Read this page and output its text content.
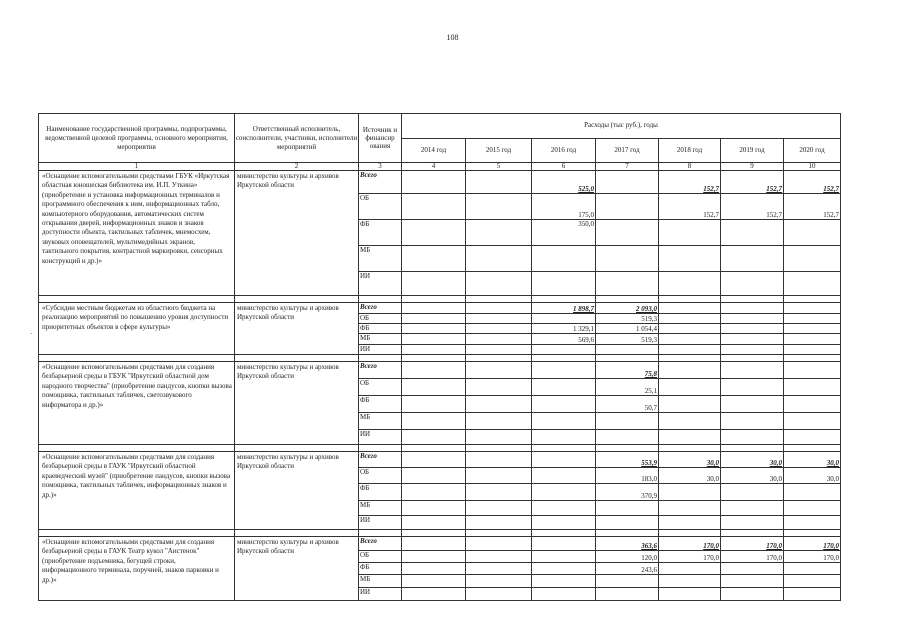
108
·
Наименование государственной программы, подпрограммы, ведомственной целевой программы, основного мероприятия, мероприятия	Ответственный исполнитель, соисполнители, участники, исполнители мероприятий	Источник и финансир ования	Расходы (тыс руб.), годы						
			2014 год	2015 год	2016 год	2017 год	2018 год	2019 год	2020 год
1	2	3	4	5	6	7	8	9	10
«Оснащение вспомогательными средствами ГБУК «Иркутская областная юношеская библиотека им. И.П. Уткина» (приобретение и установка информационных терминалов и программного обеспечения к ним, информационных табло, компьютерного оборудования, автоматических систем открывания дверей, информационных знаков и знаков доступности объекта, тактильных табличек, мнемосхем, звуковых оповещателей, мультимедийных экранов, тактильного покрытия, контрастной маркировки, сенсорных конструкций и др.)»	министерство культуры и архивов Иркутской области	Всего			525,0		152,7	152,7	152,7
		ОБ			175,0		152,7	152,7	152,7
		ФБ			350,0				
		МБ							
		ИИ							

«Субсидии местным бюджетам из областного бюджета на реализацию мероприятий по повышению уровня доступности приоритетных объектов в сфере культуры»	министерство культуры и архивов Иркутской области	Всего			1 898,7	2 093,0			
		ОБ				519,3			
		ФБ			1 329,1	1 054,4			
		МБ			569,6	519,3			
		ИИ							

«Оснащение вспомогательными средствами для создания безбарьерной среды в ГБУК "Иркутский областной дом народного творчества" (приобретение пандусов, кнопки вызова помощника, тактильных табличек, светозвукового информатора и др.)»	министерство культуры и архивов Иркутской области	Всего				75,8			
		ОБ				25,1			
		ФБ				50,7			
		МБ							
		ИИ							

«Оснащение вспомогательными средствами для создания безбарьерной среды в ГАУК "Иркутский областной краеведческий музей" (приобретение пандусов, кнопки вызова помощника, тактильных табличек, информационных знаков и др.)»	министерство культуры и архивов Иркутской области	Всего				553,9	30,0	30,0	30,0
		ОБ				183,0	30,0	30,0	30,0
		ФБ				370,9			
		МБ							
		ИИ							

«Оснащение вспомогательными средствами для создания безбарьерной среды в ГАУК Театр кукол "Аистенок"(приобретение подъемника, бегущей строки, информационного терминала, поручней, знаков парковки и др.)»	министерство культуры и архивов Иркутской области	Всего				363,6	170,0	170,0	170,0
		ОБ				120,0	170,0	170,0	170,0
		ФБ				243,6			
		МБ							
		ИИ							
